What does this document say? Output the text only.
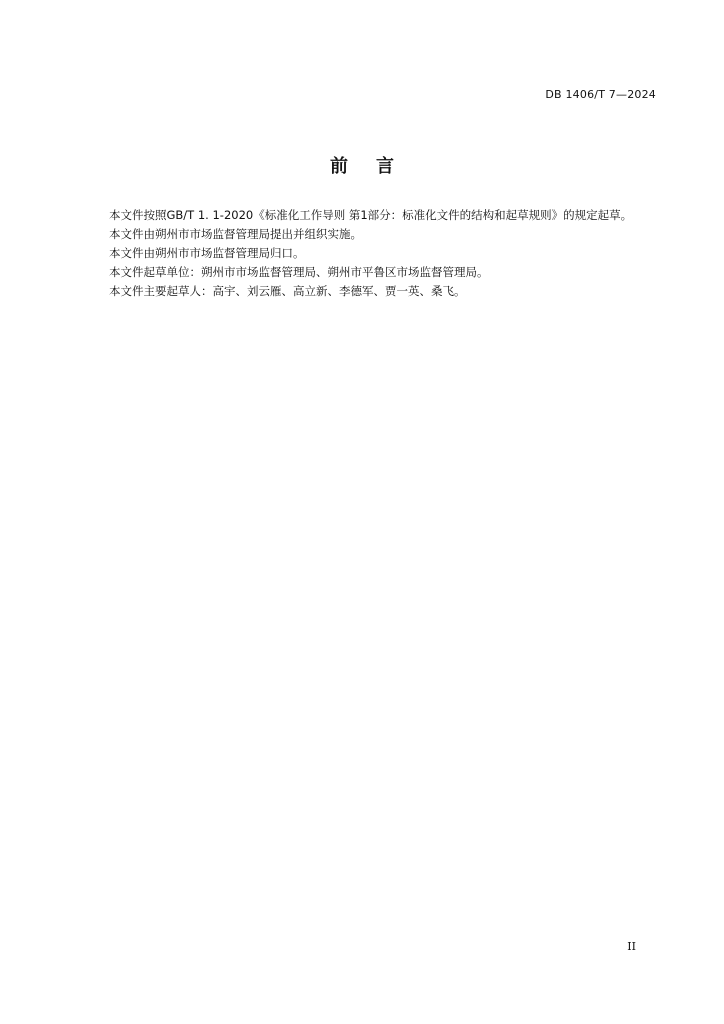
DB 1406/T 7—2024
前言

本文件按照GB/T 1. 1-2020《标准化工作导则 第1部分：标准化文件的结构和起草规则》的规定起草。

本文件由朔州市市场监督管理局提出并组织实施。

本文件由朔州市市场监督管理局归口。

本文件起草单位：朔州市市场监督管理局、朔州市平鲁区市场监督管理局。

本文件主要起草人：高宇、刘云雁、高立新、李德军、贾一英、桑飞。

II
